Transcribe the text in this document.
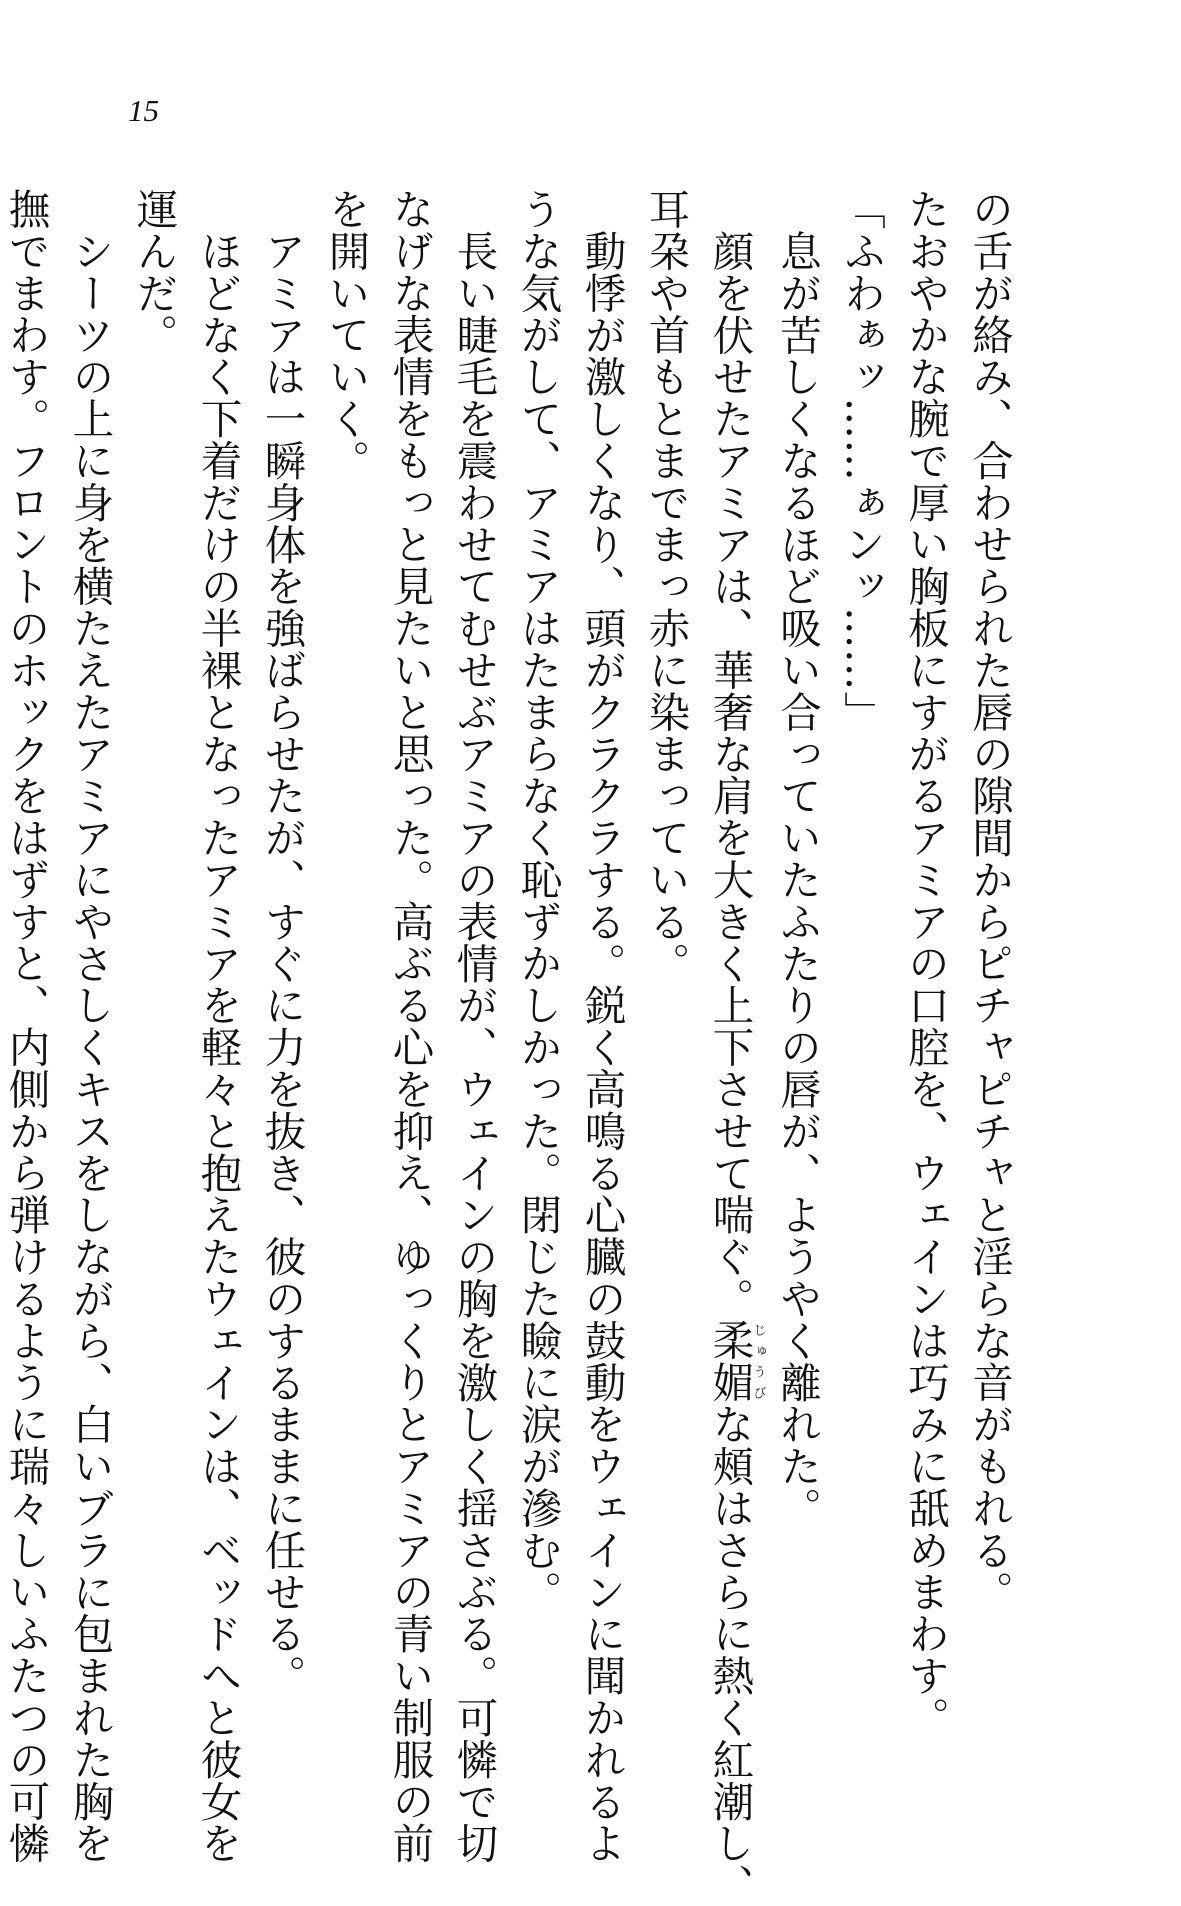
15

の舌が絡み、合わせられた唇の隙間からピチャピチャと淫らな音がもれる。

たおやかな腕で厚い胸板にすがるアミアの口腔を、ウェインは巧みに舐めまわす。

「ふわぁッ……ぁンッ……」

息が苦しくなるほど吸い合っていたふたりの唇が、ようやく離れた。

顔を伏せたアミアは、華奢な肩を大きく上下させて喘ぐ。柔媚じゅうびな頰はさらに熱く紅潮し、

耳朶や首もとまでまっ赤に染まっている。

動悸が激しくなり、頭がクラクラする。鋭く高鳴る心臓の鼓動をウェインに聞かれるよ

うな気がして、アミアはたまらなく恥ずかしかった。閉じた瞼に涙が滲む。

長い睫毛を震わせてむせぶアミアの表情が、ウェインの胸を激しく揺さぶる。可憐で切

なげな表情をもっと見たいと思った。高ぶる心を抑え、ゆっくりとアミアの青い制服の前

を開いていく。

アミアは一瞬身体を強ばらせたが、すぐに力を抜き、彼のするままに任せる。

ほどなく下着だけの半裸となったアミアを軽々と抱えたウェインは、ベッドへと彼女を

運んだ。

シーツの上に身を横たえたアミアにやさしくキスをしながら、白いブラに包まれた胸を

撫でまわす。フロントのホックをはずすと、内側から弾けるように瑞々しいふたつの可憐
